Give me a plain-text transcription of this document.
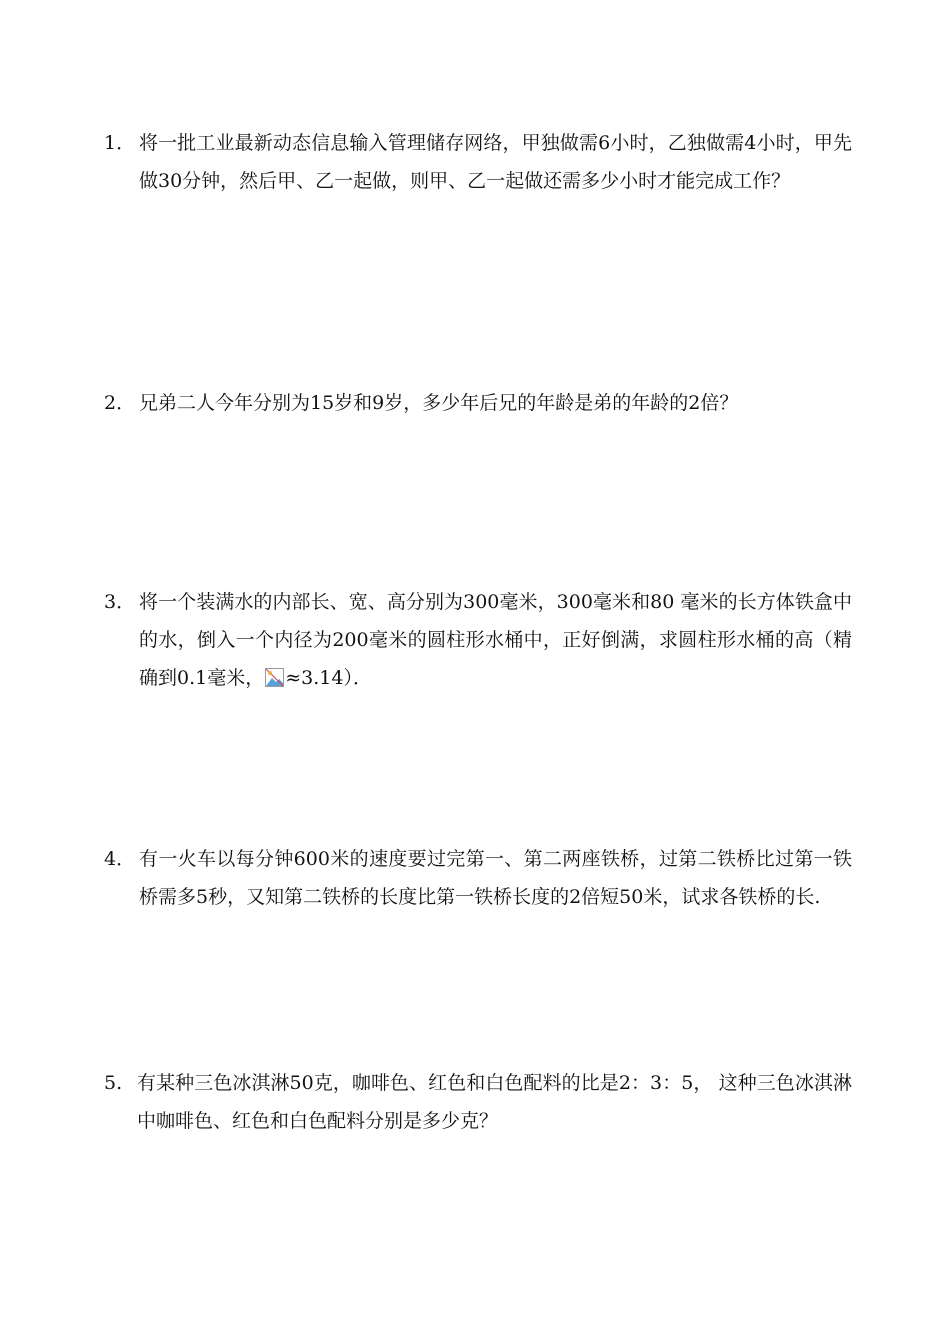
1． 将一批工业最新动态信息输入管理储存网络，甲独做需6小时，乙独做需4小时，甲先做30分钟，然后甲、乙一起做，则甲、乙一起做还需多少小时才能完成工作？
2． 兄弟二人今年分别为15岁和9岁，多少年后兄的年龄是弟的年龄的2倍？
3． 将一个装满水的内部长、宽、高分别为300毫米，300毫米和80 毫米的长方体铁盒中的水，倒入一个内径为200毫米的圆柱形水桶中，正好倒满，求圆柱形水桶的高（精确到0.1毫米， ≈3.14）．
4． 有一火车以每分钟600米的速度要过完第一、第二两座铁桥，过第二铁桥比过第一铁桥需多5秒，又知第二铁桥的长度比第一铁桥长度的2倍短50米，试求各铁桥的长.
5. 有某种三色冰淇淋50克，咖啡色、红色和白色配料的比是2：3：5， 这种三色冰淇淋中咖啡色、红色和白色配料分别是多少克？
